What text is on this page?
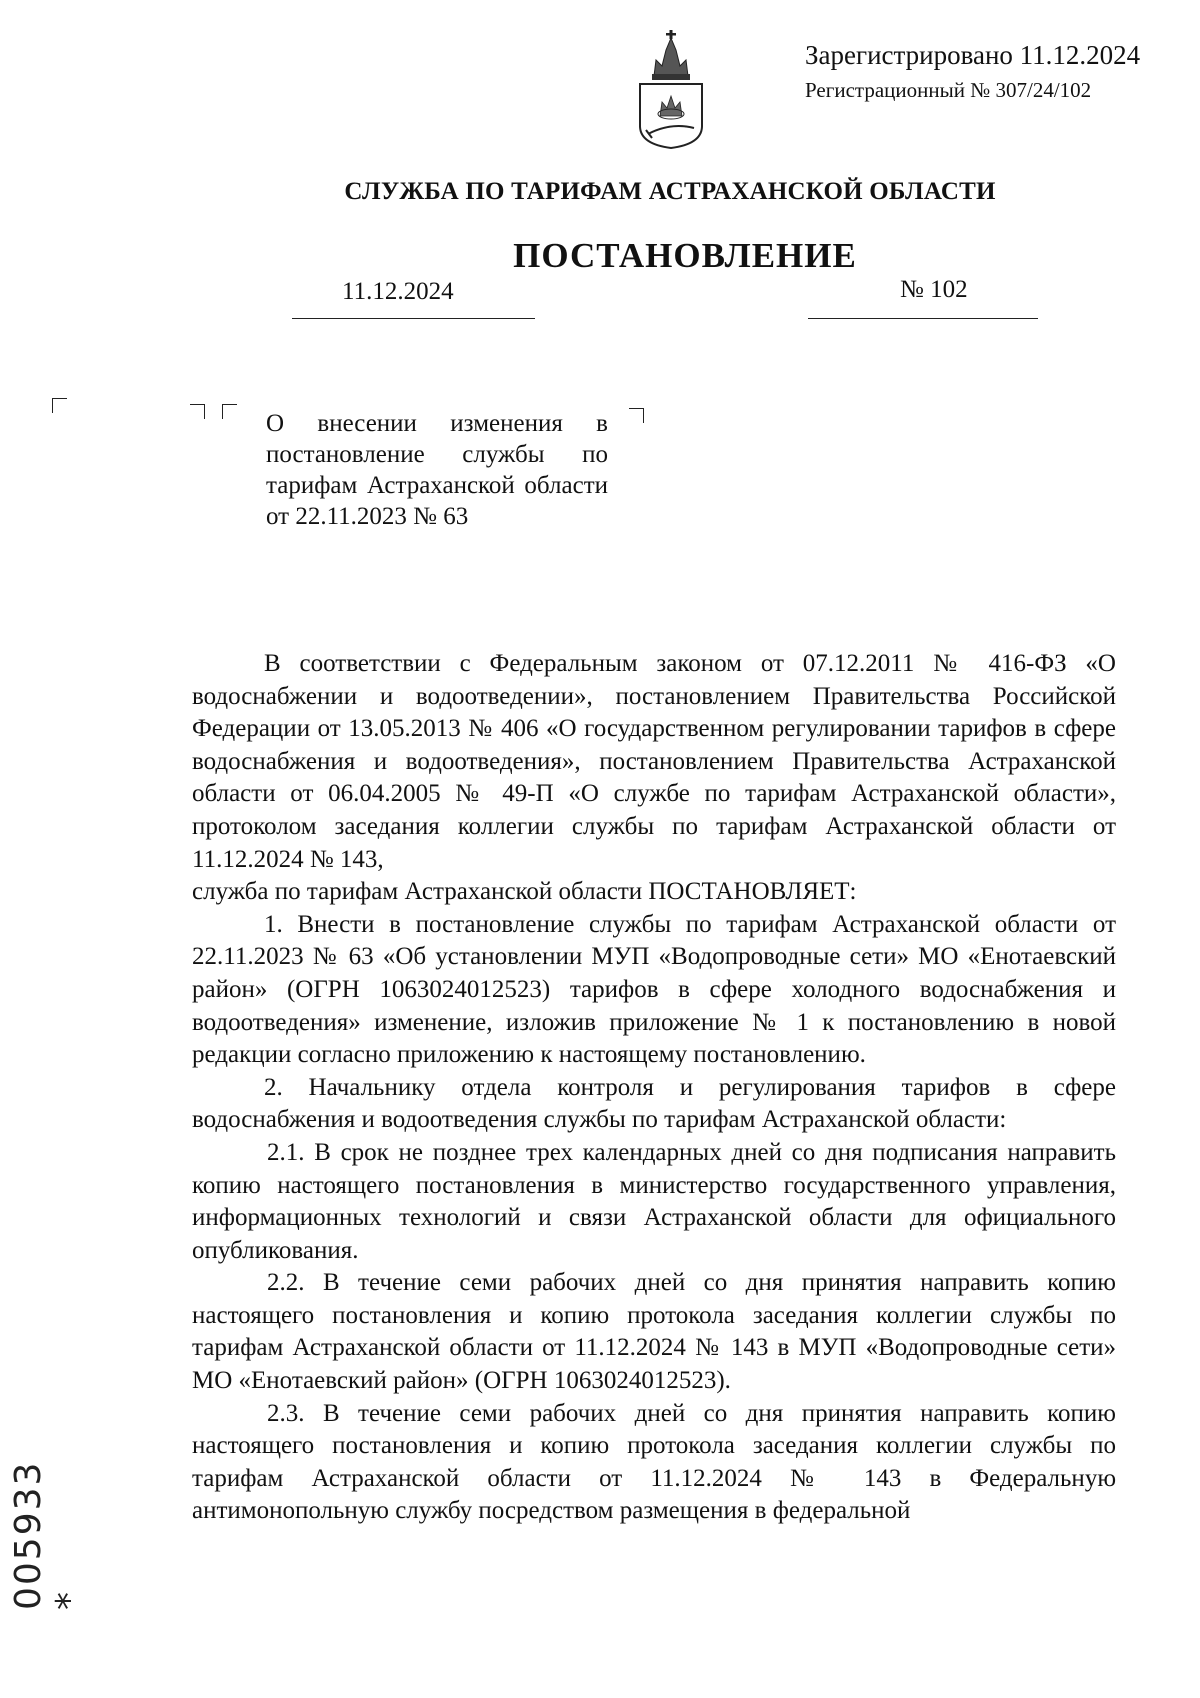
Зарегистрировано 11.12.2024
Регистрационный № 307/24/102
СЛУЖБА ПО ТАРИФАМ АСТРАХАНСКОЙ ОБЛАСТИ
ПОСТАНОВЛЕНИЕ
11.12.2024	№ 102
О внесении изменения в постановление службы по тарифам Астраханской области от 22.11.2023 № 63

В соответствии с Федеральным законом от 07.12.2011 № 416-ФЗ «О водоснабжении и водоотведении», постановлением Правительства Российской Федерации от 13.05.2013 № 406 «О государственном регулировании тарифов в сфере водоснабжения и водоотведения», постановлением Правительства Астраханской области от 06.04.2005 № 49-П «О службе по тарифам Астраханской области», протоколом заседания коллегии службы по тарифам Астраханской области от 11.12.2024 № 143,

служба по тарифам Астраханской области ПОСТАНОВЛЯЕТ:

1. Внести в постановление службы по тарифам Астраханской области от 22.11.2023 № 63 «Об установлении МУП «Водопроводные сети» МО «Енотаевский район» (ОГРН 1063024012523) тарифов в сфере холодного водоснабжения и водоотведения» изменение, изложив приложение № 1 к постановлению в новой редакции согласно приложению к настоящему постановлению.

2. Начальнику отдела контроля и регулирования тарифов в сфере водоснабжения и водоотведения службы по тарифам Астраханской области:

2.1. В срок не позднее трех календарных дней со дня подписания направить копию настоящего постановления в министерство государственного управления, информационных технологий и связи Астраханской области для официального опубликования.

2.2. В течение семи рабочих дней со дня принятия направить копию настоящего постановления и копию протокола заседания коллегии службы по тарифам Астраханской области от 11.12.2024 № 143 в МУП «Водопроводные сети» МО «Енотаевский район» (ОГРН 1063024012523).

2.3. В течение семи рабочих дней со дня принятия направить копию настоящего постановления и копию протокола заседания коллегии службы по тарифам Астраханской области от 11.12.2024 № 143 в Федеральную антимонопольную службу посредством размещения в федеральной

005933 *
